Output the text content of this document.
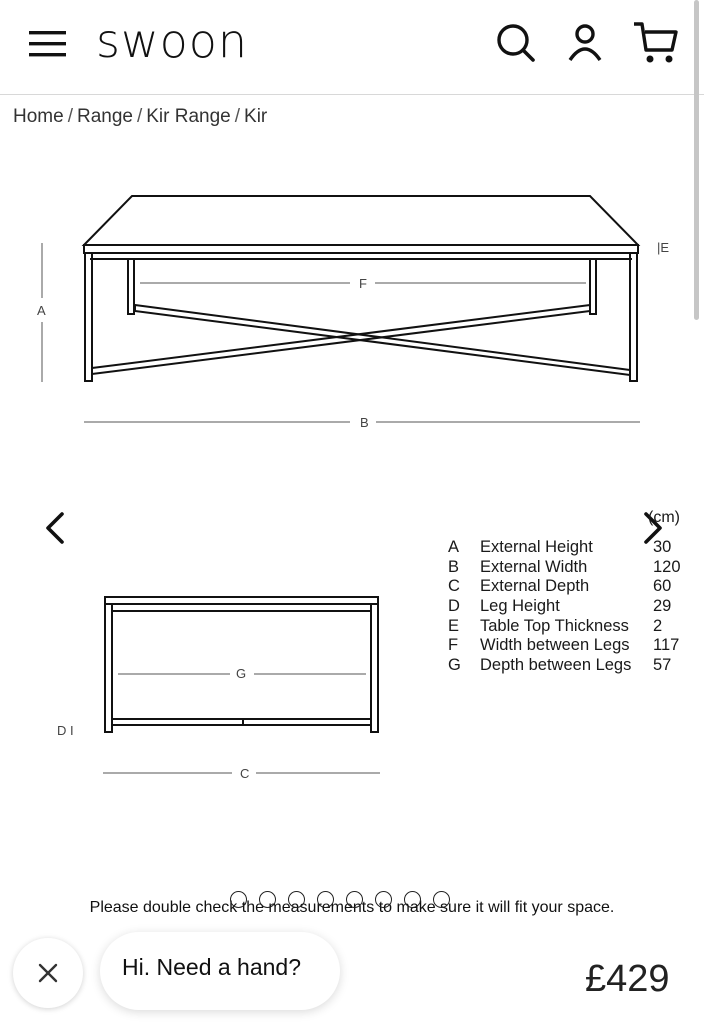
swoon
Home / Range / Kir Range / Kir
F
A
B
|E
G
D I
C
(cm)
A External Height	30
B External Width	120
C External Depth	60
D Leg Height	29
E Table Top Thickness 2
F Width between Legs 117
G Depth between Legs 57
Please double check the measurements to make sure it will fit your space.
Hi. Need a hand?	£429
